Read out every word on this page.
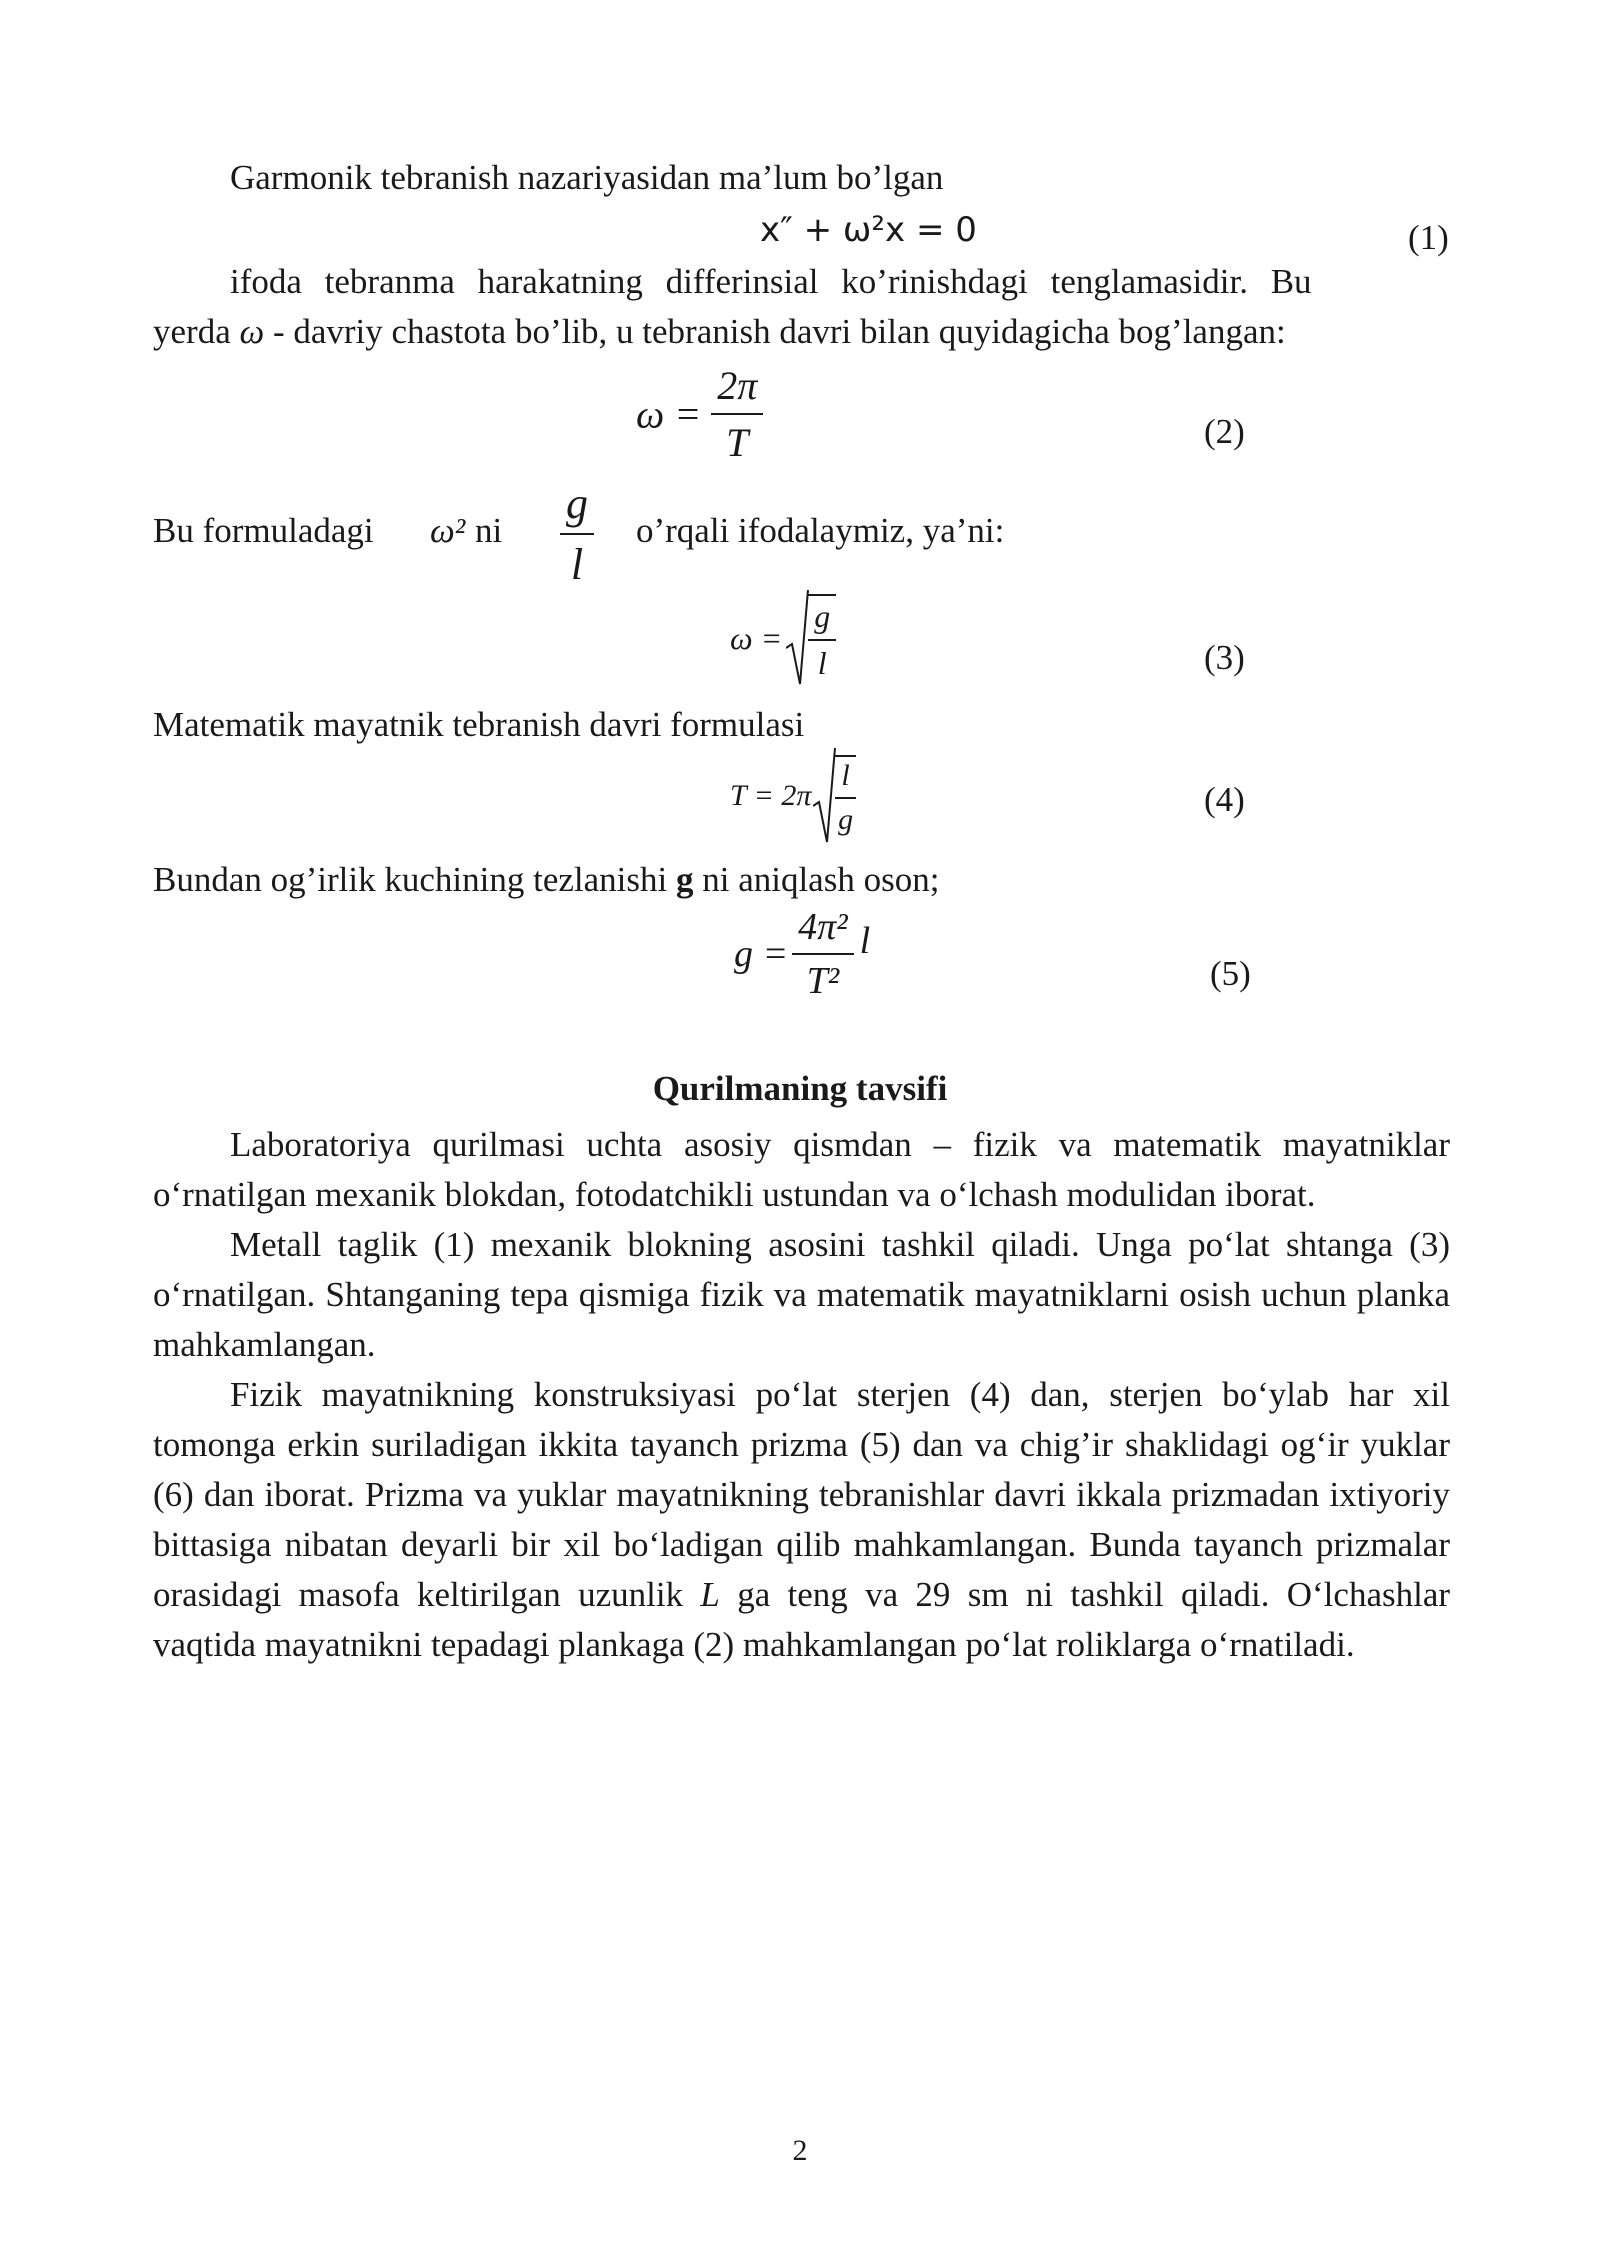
Garmonik tebranish nazariyasidan ma’lum bo’lgan
x″ + ω²x = 0	(1)
ifoda tebranma harakatning differinsial ko’rinishdagi tenglamasidir. Bu
yerda ω - davriy chastota bo’lib, u tebranish davri bilan quyidagicha bog’langan:
$\omega = \frac{2\pi}{T}$	(2)
Bu formuladagi ω² ni $\frac{g}{l}$ o’rqali ifodalaymiz, ya’ni:
$\omega = \frac{g}{l}$	(3)
Matematik mayatnik tebranish davri formulasi
$T = 2\pi \frac{l}{g}$	(4)
Bundan og’irlik kuchining tezlanishi g ni aniqlash oson;
$g = \frac{\text{4π²}}{\text{T²}}$ l
(5)
Qurilmaning tavsifi
Laboratoriya qurilmasi uchta asosiy qismdan – fizik va matematik mayatniklar o‘rnatilgan mexanik blokdan, fotodatchikli ustundan va o‘lchash modulidan iborat.
Metall taglik (1) mexanik blokning asosini tashkil qiladi. Unga po‘lat shtanga (3) o‘rnatilgan. Shtanganing tepa qismiga fizik va matematik mayatniklarni osish uchun planka mahkamlangan.
Fizik mayatnikning konstruksiyasi po‘lat sterjen (4) dan, sterjen bo‘ylab har xil tomonga erkin suriladigan ikkita tayanch prizma (5) dan va chig’ir shaklidagi og‘ir yuklar (6) dan iborat. Prizma va yuklar mayatnikning tebranishlar davri ikkala prizmadan ixtiyoriy bittasiga nibatan deyarli bir xil bo‘ladigan qilib mahkamlangan. Bunda tayanch prizmalar orasidagi masofa keltirilgan uzunlik L ga teng va 29 sm ni tashkil qiladi. O‘lchashlar vaqtida mayatnikni tepadagi plankaga (2) mahkamlangan po‘lat roliklarga o‘rnatiladi.
2
